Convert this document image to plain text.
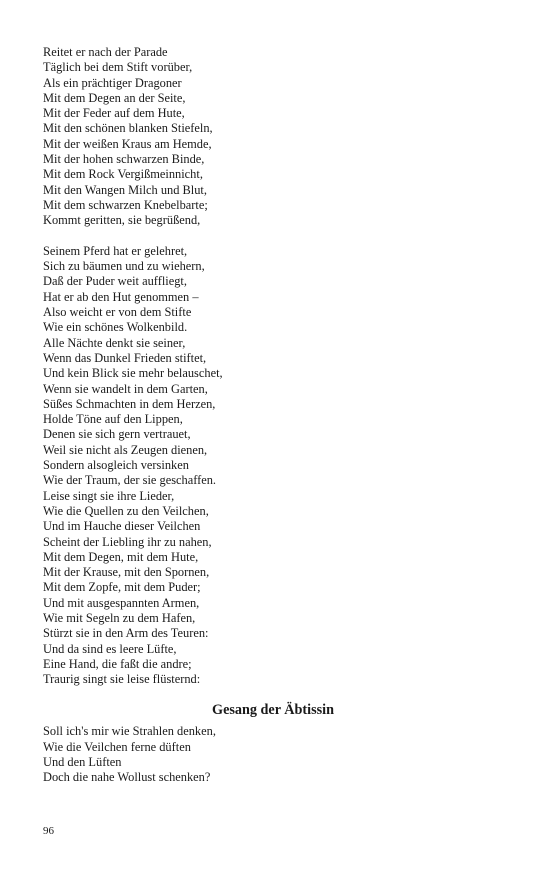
Reitet er nach der Parade
Täglich bei dem Stift vorüber,
Als ein prächtiger Dragoner
Mit dem Degen an der Seite,
Mit der Feder auf dem Hute,
Mit den schönen blanken Stiefeln,
Mit der weißen Kraus am Hemde,
Mit der hohen schwarzen Binde,
Mit dem Rock Vergißmeinnicht,
Mit den Wangen Milch und Blut,
Mit dem schwarzen Knebelbarte;
Kommt geritten, sie begrüßend,
Seinem Pferd hat er gelehret,
Sich zu bäumen und zu wiehern,
Daß der Puder weit auffliegt,
Hat er ab den Hut genommen –
Also weicht er von dem Stifte
Wie ein schönes Wolkenbild.
Alle Nächte denkt sie seiner,
Wenn das Dunkel Frieden stiftet,
Und kein Blick sie mehr belauschet,
Wenn sie wandelt in dem Garten,
Süßes Schmachten in dem Herzen,
Holde Töne auf den Lippen,
Denen sie sich gern vertrauet,
Weil sie nicht als Zeugen dienen,
Sondern alsogleich versinken
Wie der Traum, der sie geschaffen.
Leise singt sie ihre Lieder,
Wie die Quellen zu den Veilchen,
Und im Hauche dieser Veilchen
Scheint der Liebling ihr zu nahen,
Mit dem Degen, mit dem Hute,
Mit der Krause, mit den Spornen,
Mit dem Zopfe, mit dem Puder;
Und mit ausgespannten Armen,
Wie mit Segeln zu dem Hafen,
Stürzt sie in den Arm des Teuren:
Und da sind es leere Lüfte,
Eine Hand, die faßt die andre;
Traurig singt sie leise flüsternd:
Gesang der Äbtissin
Soll ich's mir wie Strahlen denken,
Wie die Veilchen ferne düften
Und den Lüften
Doch die nahe Wollust schenken?
96
